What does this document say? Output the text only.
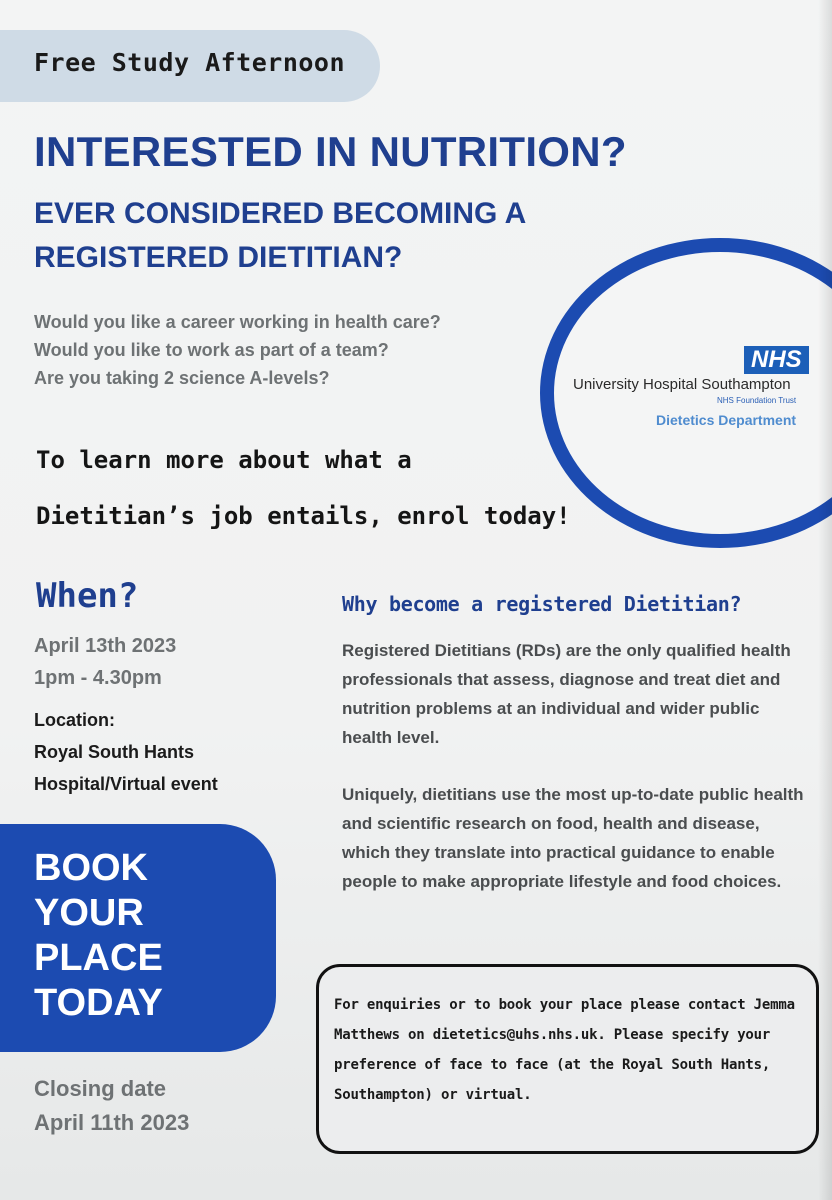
Free Study Afternoon
INTERESTED IN NUTRITION?
EVER CONSIDERED BECOMING A
REGISTERED DIETITIAN?
Would you like a career working in health care?
Would you like to work as part of a team?
Are you taking 2 science A-levels?
To learn more about what a
Dietitian’s job entails, enrol today!
NHS
University Hospital Southampton
NHS Foundation Trust
Dietetics Department
When?
April 13th 2023
1pm - 4.30pm
Location:
Royal South Hants
Hospital/Virtual event
BOOK
YOUR
PLACE
TODAY
Closing date
April 11th 2023
Why become a registered Dietitian?
Registered Dietitians (RDs) are the only qualified health professionals that assess, diagnose and treat diet and nutrition problems at an individual and wider public health level.
Uniquely, dietitians use the most up-to-date public health and scientific research on food, health and disease, which they translate into practical guidance to enable people to make appropriate lifestyle and food choices.
For enquiries or to book your place please contact Jemma Matthews on dietetics@uhs.nhs.uk. Please specify your preference of face to face (at the Royal South Hants, Southampton) or virtual.
